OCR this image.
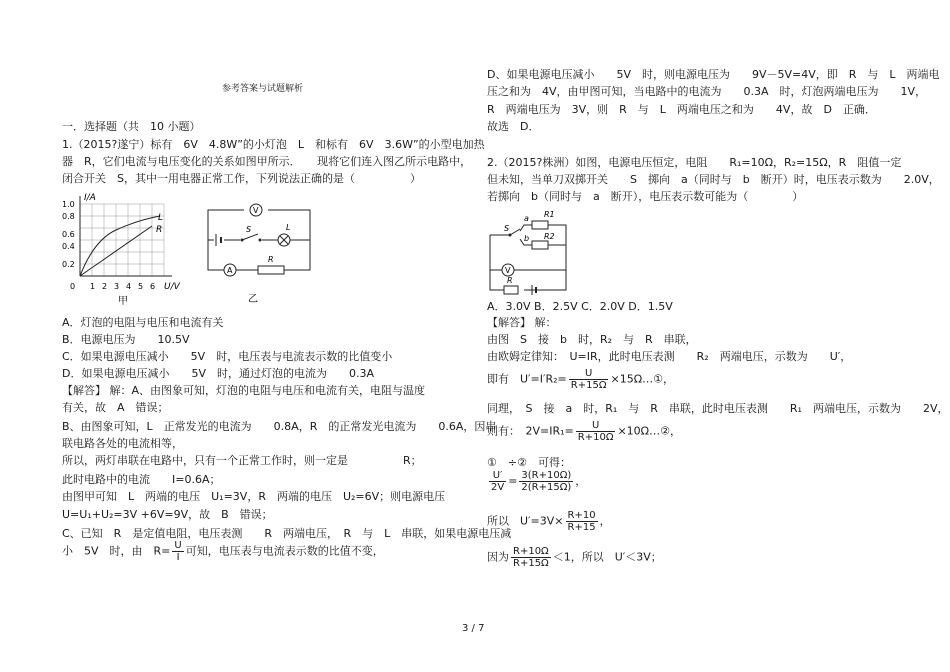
参考答案与试题解析
一．选择题（共　10 小题）
1.（2015?遂宁）标有　6V　4.8W”的小灯泡　L　和标有　6V　3.6W”的小型电加热
器　R，它们电流与电压变化的关系如图甲所示．　　现将它们连入图乙所示电路中，
闭合开关　S，其中一用电器正常工作，下列说法正确的是（　　　　　）
I/A
U/V
1.0
0.8
0.6
0.4
0.2
0 1 2 3 4 5 6
L
R
甲
V
S	L
A
R
乙
A．灯泡的电阻与电压和电流有关
B．电源电压为　　10.5V
C．如果电源电压减小　　5V　时，电压表与电流表示数的比值变小
D．如果电源电压减小　　5V　时，通过灯泡的电流为　　0.3A
【解答】 解：A、由图象可知，灯泡的电阻与电压和电流有关，电阻与温度
有关，故　A　错误；
B、由图象可知，L　正常发光的电流为　　0.8A，R　的正常发光电流为　　0.6A，因串
联电路各处的电流相等，
所以，两灯串联在电路中，只有一个正常工作时，则一定是　　　　　R；
此时电路中的电流　　I=0.6A；
由图甲可知　L　两端的电压　U₁=3V，R　两端的电压　U₂=6V；则电源电压
U=U₁+U₂=3V +6V=9V，故　B　错误；
C、已知　R　是定值电阻，电压表测　　R　两端电压，　R　与　L　串联，如果电源电压减
小　5V　时，由　$R= \frac{U}{I}$ 可知，电压表与电流表示数的比值不变，
D、如果电源电压减小　　5V　时，则电源电压为　　9V－5V=4V，即　R　与　L　两端电
压之和为　4V，由甲图可知，当电路中的电流为　　0.3A　时，灯泡两端电压为　　1V，
R　两端电压为　3V，则　R　与　L　两端电压之和为　　4V，故　D　正确．
故选　D．
2.（2015?株洲）如图，电源电压恒定，电阻　　R₁=10Ω，R₂=15Ω，R　阻值一定
但未知，当单刀双掷开关　　S　掷向　a（同时与　b　断开）时，电压表示数为　　2.0V，
若掷向　b（同时与　a　断开），电压表示数可能为（　　　　）
a R1
S
b R2
V
R
A．3.0V B．2.5V C．2.0V D．1.5V
【解答】 解：
由图　S　接　b　时，R₂　与　R　串联，
由欧姆定律知：　U=IR，此时电压表测　　R₂　两端电压，示数为　　U′，
即有　$U'=I'R_2= \frac{U}{R+15\Omega}$ ×15Ω…①，
同理，　S　接　a　时，R₁　与　R　串联，此时电压表测　　R₁　两端电压，示数为　　2V，
则有：　$2V=IR_1= \frac{U}{R+10\Omega}$ ×10Ω…②，
①　÷②　可得：
$\frac{U'}{2V} = \frac{3(R+10\Omega)}{2(R+15\Omega)}$ ，
所以　$U'=3V\times \frac{R+10}{R+15}$ ，
因为 $\frac{R+10\Omega}{R+15\Omega} <1$，所以　U′＜3V；
3 / 7
